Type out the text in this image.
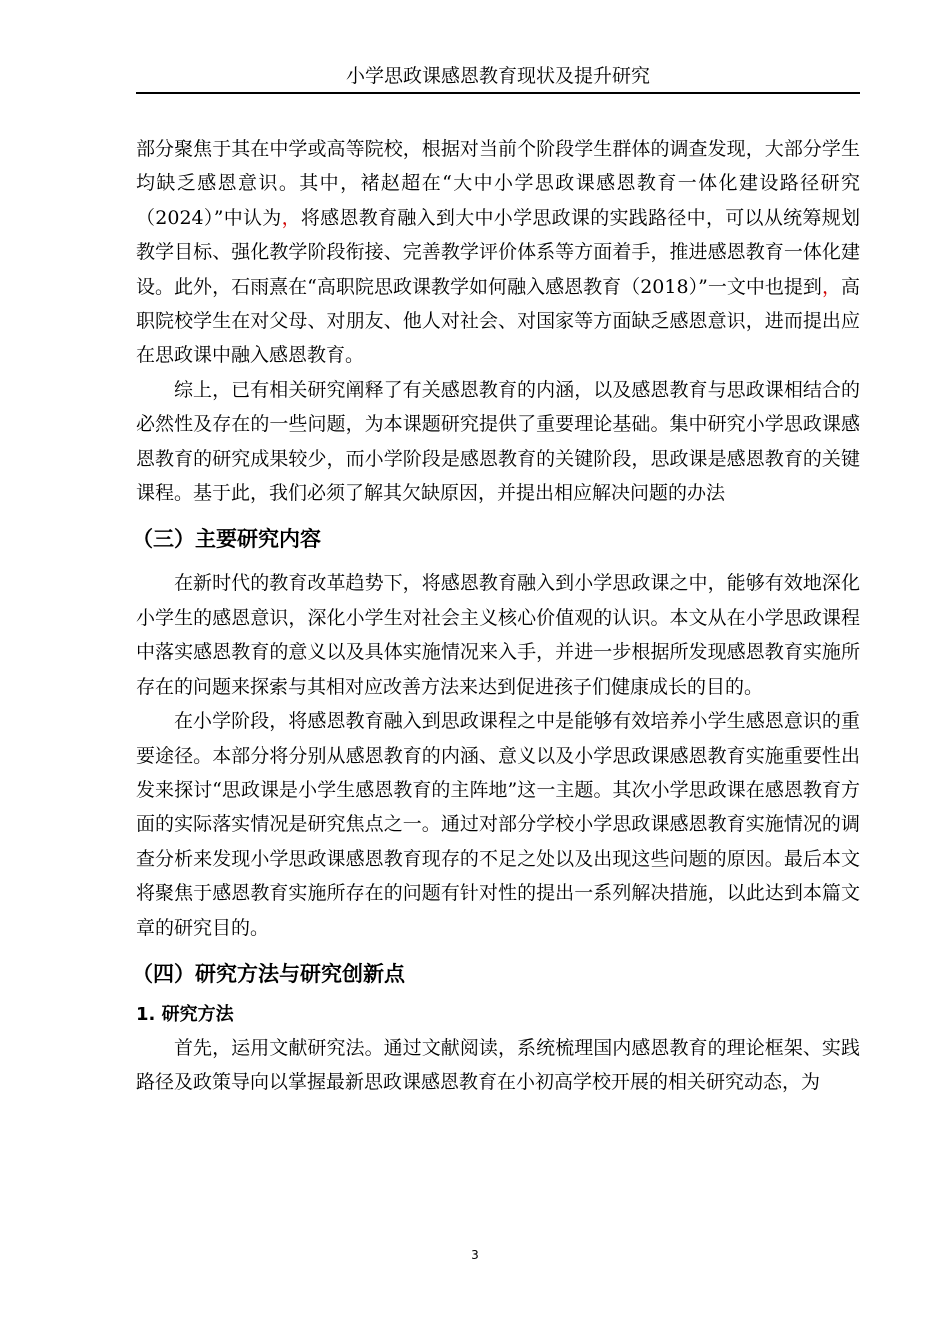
小学思政课感恩教育现状及提升研究

部分聚焦于其在中学或高等院校，根据对当前个阶段学生群体的调查发现，大部分学生均缺乏感恩意识。其中，褚赵超在“大中小学思政课感恩教育一体化建设路径研究（2024）”中认为，将感恩教育融入到大中小学思政课的实践路径中，可以从统筹规划教学目标、强化教学阶段衔接、完善教学评价体系等方面着手，推进感恩教育一体化建设。此外，石雨熹在“高职院思政课教学如何融入感恩教育（2018）”一文中也提到，高职院校学生在对父母、对朋友、他人对社会、对国家等方面缺乏感恩意识，进而提出应在思政课中融入感恩教育。

综上，已有相关研究阐释了有关感恩教育的内涵，以及感恩教育与思政课相结合的必然性及存在的一些问题，为本课题研究提供了重要理论基础。集中研究小学思政课感恩教育的研究成果较少，而小学阶段是感恩教育的关键阶段，思政课是感恩教育的关键课程。基于此，我们必须了解其欠缺原因，并提出相应解决问题的办法

（三）主要研究内容

在新时代的教育改革趋势下，将感恩教育融入到小学思政课之中，能够有效地深化小学生的感恩意识，深化小学生对社会主义核心价值观的认识。本文从在小学思政课程中落实感恩教育的意义以及具体实施情况来入手，并进一步根据所发现感恩教育实施所存在的问题来探索与其相对应改善方法来达到促进孩子们健康成长的目的。

在小学阶段，将感恩教育融入到思政课程之中是能够有效培养小学生感恩意识的重要途径。本部分将分别从感恩教育的内涵、意义以及小学思政课感恩教育实施重要性出发来探讨“思政课是小学生感恩教育的主阵地”这一主题。其次小学思政课在感恩教育方面的实际落实情况是研究焦点之一。通过对部分学校小学思政课感恩教育实施情况的调查分析来发现小学思政课感恩教育现存的不足之处以及出现这些问题的原因。最后本文将聚焦于感恩教育实施所存在的问题有针对性的提出一系列解决措施，以此达到本篇文章的研究目的。

（四）研究方法与研究创新点
1. 研究方法

首先，运用文献研究法。通过文献阅读，系统梳理国内感恩教育的理论框架、实践路径及政策导向以掌握最新思政课感恩教育在小初高学校开展的相关研究动态，为

3
